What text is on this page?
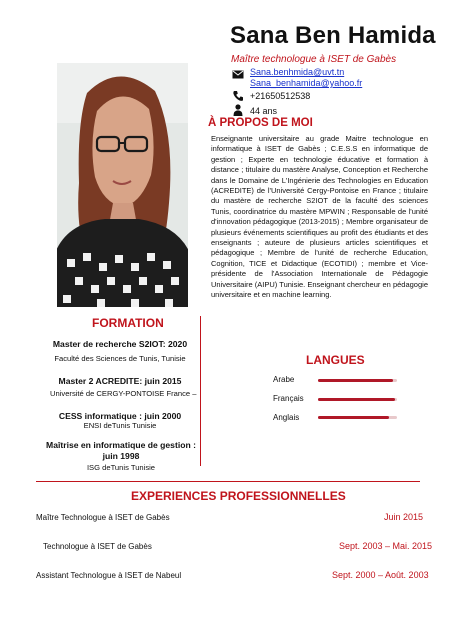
Sana Ben Hamida
Maître technologue à ISET de Gabès
Sana.benhmida@uvt.tn
Sana_benhamida@yahoo.fr
+21650512538
44 ans
À PROPOS DE MOI
Enseignante universitaire au grade Maitre technologue en informatique à ISET de Gabès ; C.E.S.S en informatique de gestion ; Experte en technologie éducative et formation à distance ; titulaire du mastère Analyse, Conception et Recherche dans le Domaine de L'Ingénierie des Technologies en Education (ACREDITE) de l'Université Cergy-Pontoise en France ; titulaire du mastère de recherche S2IOT de la faculté des sciences Tunis, coordinatrice du mastère MPWIN ; Responsable de l'unité d'innovation pédagogique (2013-2015) ; Membre organisateur de plusieurs événements scientifiques au profit des étudiants et des enseignants ; auteure de plusieurs articles scientifiques et pédagogique ; Membre de l'unité de recherche Education, Cognition, TICE et Didactique (ECOTIDI) ; membre et Vice-présidente de l'Association Internationale de Pédagogie Universitaire (AIPU) Tunisie. Enseignant chercheur en pédagogie universitaire et en machine learning.
FORMATION
Master de recherche S2IOT: 2020
Faculté des Sciences de Tunis, Tunisie
Master 2 ACREDITE: juin 2015
Université de CERGY-PONTOISE France –
CESS informatique : juin 2000
ENSI deTunis Tunisie
Maîtrise en informatique de gestion : juin 1998
ISG deTunis Tunisie
LANGUES
Arabe
Français
Anglais
EXPERIENCES PROFESSIONNELLES
Maître Technologue à ISET de Gabès	Juin 2015
Technologue à ISET de Gabès	Sept. 2003 – Mai. 2015
Assistant Technologue à ISET de Nabeul	Sept. 2000 – Août. 2003
